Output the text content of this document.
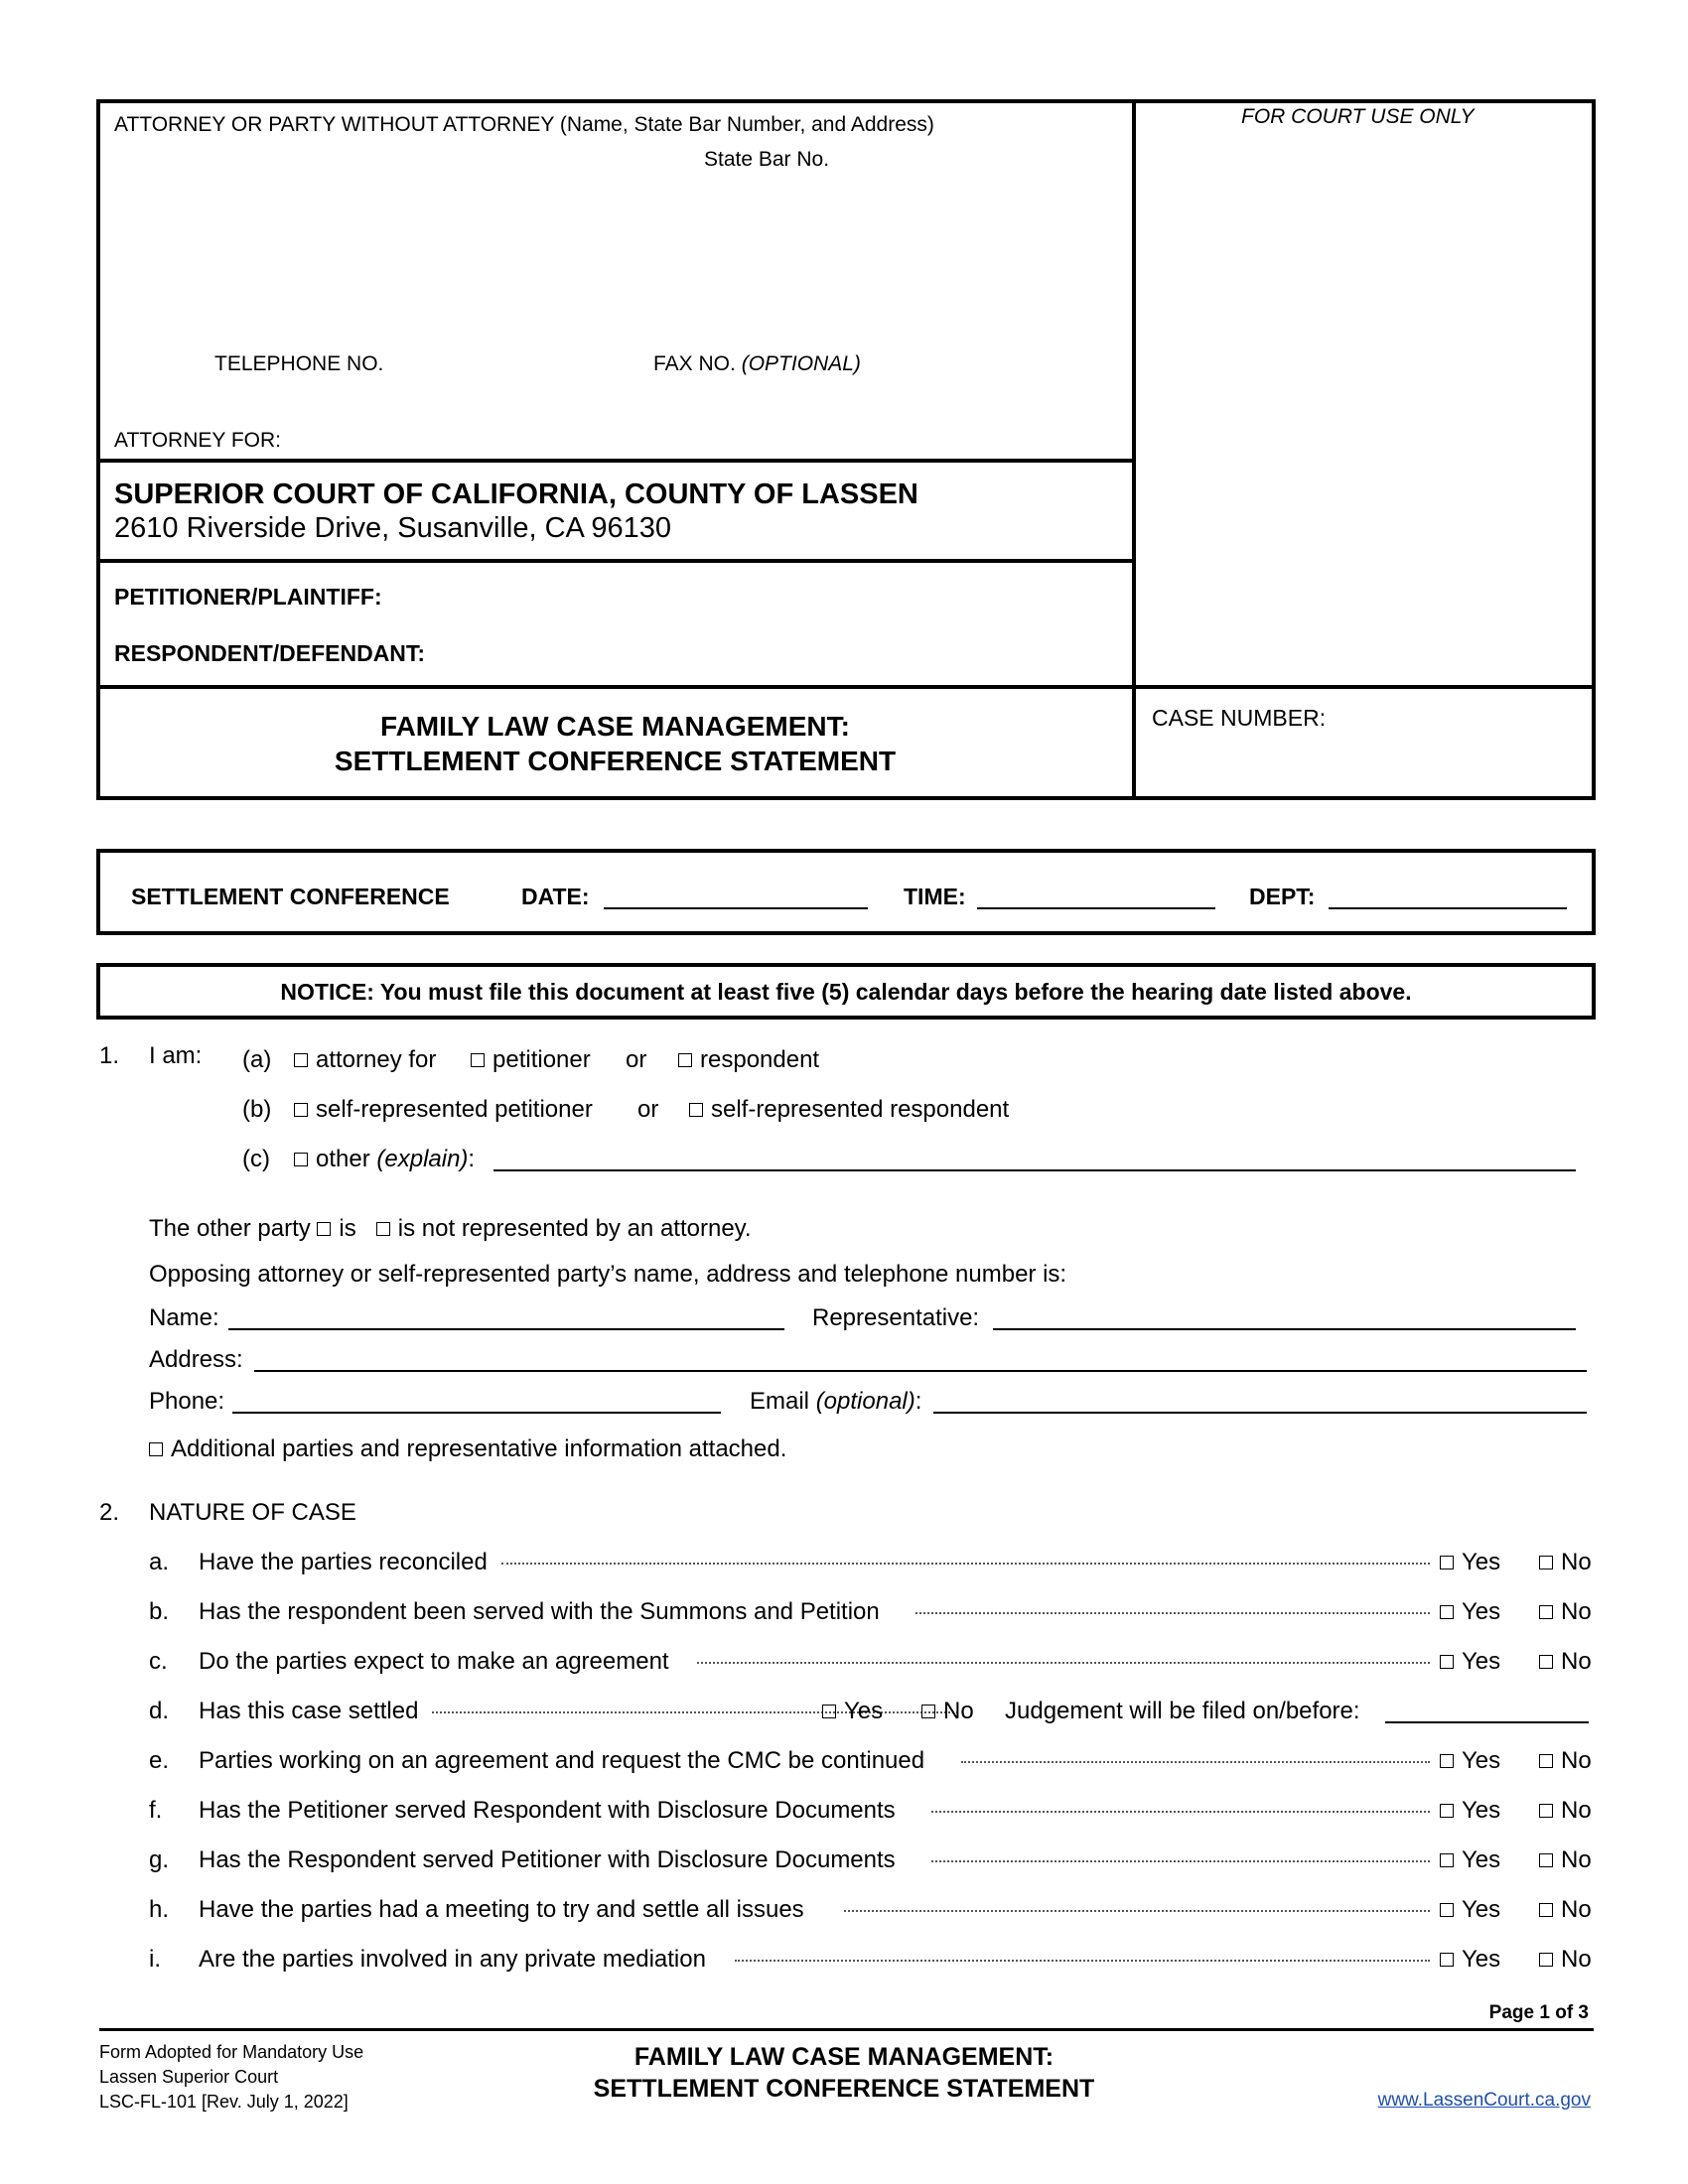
ATTORNEY OR PARTY WITHOUT ATTORNEY (Name, State Bar Number, and Address)
State Bar No.
TELEPHONE NO.	FAX NO. (OPTIONAL)
ATTORNEY FOR:
FOR COURT USE ONLY
SUPERIOR COURT OF CALIFORNIA, COUNTY OF LASSEN
2610 Riverside Drive, Susanville, CA 96130
PETITIONER/PLAINTIFF:
RESPONDENT/DEFENDANT:
FAMILY LAW CASE MANAGEMENT:
SETTLEMENT CONFERENCE STATEMENT
CASE NUMBER:
SETTLEMENT CONFERENCE	DATE:	TIME:	DEPT:
NOTICE: You must file this document at least five (5) calendar days before the hearing date listed above.
1. I am: (a)	attorney for	petitioner or	respondent
(b)	self-represented petitioner or	self-represented respondent
(c)	other (explain):
The other party is is not represented by an attorney.
Opposing attorney or self-represented party’s name, address and telephone number is:
Name:	Representative:
Address:
Phone:	Email (optional):
Additional parties and representative information attached.
2. NATURE OF CASE
a. Have the parties reconciled	Yes	No
b. Has the respondent been served with the Summons and Petition	Yes	No
c. Do the parties expect to make an agreement	Yes	No
d. Has this case settled	Yes	No Judgement will be filed on/before:
e. Parties working on an agreement and request the CMC be continued	Yes	No
f. Has the Petitioner served Respondent with Disclosure Documents	Yes	No
g. Has the Respondent served Petitioner with Disclosure Documents	Yes	No
h. Have the parties had a meeting to try and settle all issues	Yes	No
i. Are the parties involved in any private mediation	Yes	No
Page 1 of 3
Form Adopted for Mandatory Use
Lassen Superior Court
LSC-FL-101 [Rev. July 1, 2022]
FAMILY LAW CASE MANAGEMENT:
SETTLEMENT CONFERENCE STATEMENT	www.LassenCourt.ca.gov
